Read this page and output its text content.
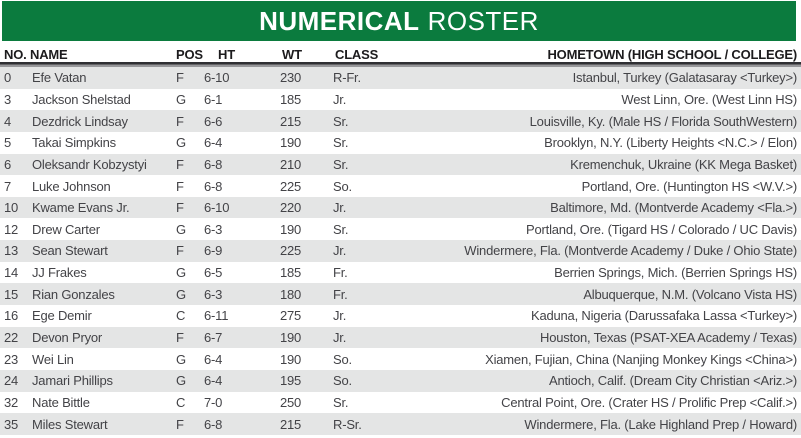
NUMERICAL ROSTER
NO. NAME	POS	HT	WT	CLASS	HOMETOWN (HIGH SCHOOL / COLLEGE)
0	Efe Vatan	F	6-10	230	R-Fr.	Istanbul, Turkey (Galatasaray <Turkey>)
3	Jackson Shelstad	G	6-1	185	Jr.	West Linn, Ore. (West Linn HS)
4	Dezdrick Lindsay	F	6-6	215	Sr.	Louisville, Ky. (Male HS / Florida SouthWestern)
5	Takai Simpkins	G	6-4	190	Sr.	Brooklyn, N.Y. (Liberty Heights <N.C.> / Elon)
6	Oleksandr Kobzystyi	F	6-8	210	Sr.	Kremenchuk, Ukraine (KK Mega Basket)
7	Luke Johnson	F	6-8	225	So.	Portland, Ore. (Huntington HS <W.V.>)
10	Kwame Evans Jr.	F	6-10	220	Jr.	Baltimore, Md. (Montverde Academy <Fla.>)
12	Drew Carter	G	6-3	190	Sr.	Portland, Ore. (Tigard HS / Colorado / UC Davis)
13	Sean Stewart	F	6-9	225	Jr.	Windermere, Fla. (Montverde Academy / Duke / Ohio State)
14	JJ Frakes	G	6-5	185	Fr.	Berrien Springs, Mich. (Berrien Springs HS)
15	Rian Gonzales	G	6-3	180	Fr.	Albuquerque, N.M. (Volcano Vista HS)
16	Ege Demir	C	6-11	275	Jr.	Kaduna, Nigeria (Darussafaka Lassa <Turkey>)
22	Devon Pryor	F	6-7	190	Jr.	Houston, Texas (PSAT-XEA Academy / Texas)
23	Wei Lin	G	6-4	190	So.	Xiamen, Fujian, China (Nanjing Monkey Kings <China>)
24	Jamari Phillips	G	6-4	195	So.	Antioch, Calif. (Dream City Christian <Ariz.>)
32	Nate Bittle	C	7-0	250	Sr.	Central Point, Ore. (Crater HS / Prolific Prep <Calif.>)
35	Miles Stewart	F	6-8	215	R-Sr.	Windermere, Fla. (Lake Highland Prep / Howard)
